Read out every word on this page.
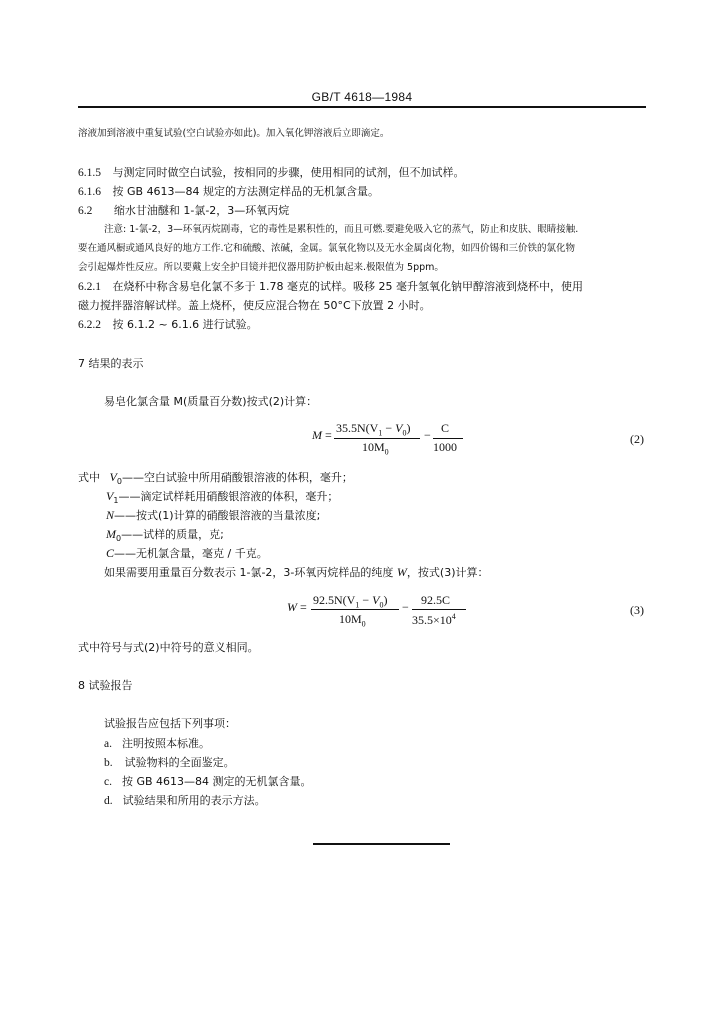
GB/T 4618—1984
溶液加到溶液中重复试验(空白试验亦如此)。加入氧化钾溶液后立即滴定。
6.1.5 与测定同时做空白试验，按相同的步骤，使用相同的试剂，但不加试样。
6.1.6 按 GB 4613—84 规定的方法测定样品的无机氯含量。
6.2 缩水甘油醚和 1-氯-2，3—环氧丙烷
注意: 1-氯-2，3—环氧丙烷剧毒，它的毒性是累积性的，而且可燃.要避免吸入它的蒸气，防止和皮肤、眼睛接触.
要在通风橱或通风良好的地方工作.它和硫酸、浓碱，金属。氯氧化物以及无水金属卤化物，如四价锡和三价铁的氯化物
会引起爆炸性反应。所以要戴上安全护目镜并把仪器用防护板由起来.极限值为 5ppm。
6.2.1 在烧杯中称含易皂化氯不多于 1.78 毫克的试样。吸移 25 毫升氢氧化钠甲醇溶液到烧杯中，使用
磁力搅拌器溶解试样。盖上烧杯，使反应混合物在 50°C下放置 2 小时。
6.2.2 按 6.1.2 ~ 6.1.6 进行试验。
7 结果的表示
易皂化氯含量 M(质量百分数)按式(2)计算：
$M = 35.5N(V_1 - V_0)$
$10M_0$
− C
1000
(2)
式中 $V_0——$空白试验中所用硝酸银溶液的体积，毫升；
$V_1——$滴定试样耗用硝酸银溶液的体积，毫升；
N——按式(1)计算的硝酸银溶液的当量浓度;
$M_0——$试样的质量，克;
C——无机氯含量，毫克 / 千克。
如果需要用重量百分数表示 1-氯-2，3-环氧丙烷样品的纯度 W，按式(3)计算：
$W = 92.5N(V_1 - V_0)$
$10M_0$
− 92.5C
$35.5\times 10^4$	(3)
式中符号与式(2)中符号的意义相同。
8 试验报告
试验报告应包括下列事项：
a. 注明按照本标准。
b. 试验物料的全面鉴定。
c. 按 GB 4613—84 测定的无机氯含量。
d. 试验结果和所用的表示方法。
